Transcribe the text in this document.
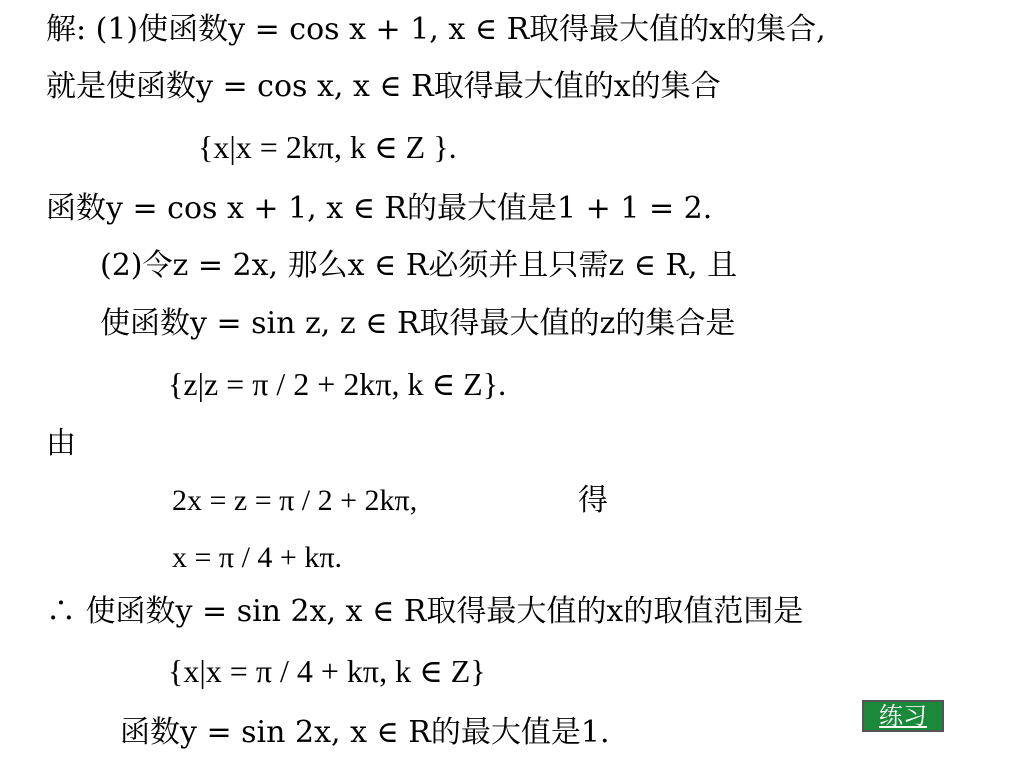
解: (1)使函数y = cos x + 1, x ∈ R取得最大值的x的集合,
就是使函数y = cos x, x ∈ R取得最大值的x的集合
{x|x = 2kπ, k ∈ Z }.
函数y = cos x + 1, x ∈ R的最大值是1 + 1 = 2.
(2)令z = 2x, 那么x ∈ R必须并且只需z ∈ R, 且
使函数y = sin z, z ∈ R取得最大值的z的集合是
{z|z = π / 2 + 2kπ, k ∈ Z}.
由
2x = z = π / 2 + 2kπ,	得
x = π / 4 + kπ.
∴ 使函数y = sin 2x, x ∈ R取得最大值的x的取值范围是
{x|x = π / 4 + kπ, k ∈ Z}
函数y = sin 2x, x ∈ R的最大值是1.	练习
